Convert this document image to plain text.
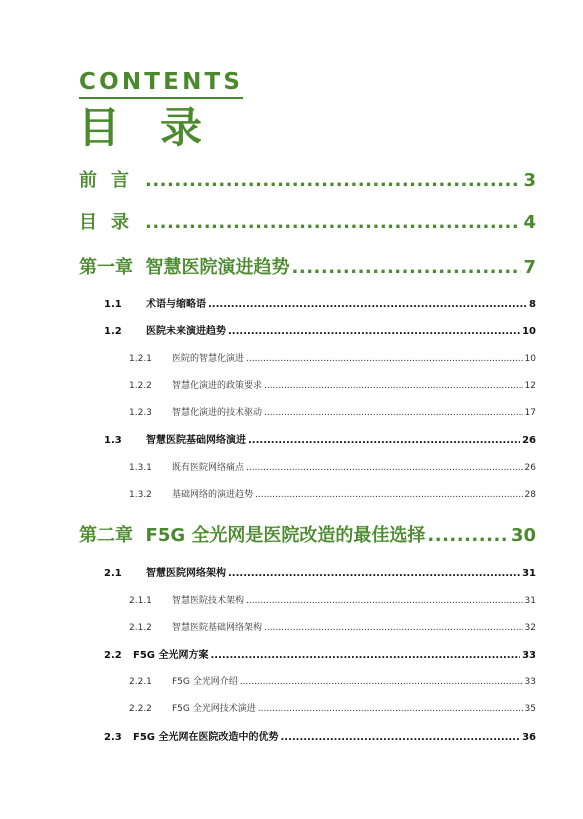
CONTENTS
目录
前言 .....	3
目录 .....	4
第一章  智慧医院演进趋势 .....	7
1.1	术语与缩略语 .....	8
1.2	医院未来演进趋势 .....	10
1.2.1	医院的智慧化演进 .....	10
1.2.2	智慧化演进的政策要求 .....	12
1.2.3	智慧化演进的技术驱动 .....	17
1.3	智慧医院基础网络演进 .....	26
1.3.1	既有医院网络痛点 .....	26
1.3.2	基础网络的演进趋势 .....	28
第二章  F5G 全光网是医院改造的最佳选择 .....	30
2.1	智慧医院网络架构 .....	31
2.1.1	智慧医院技术架构 .....	31
2.1.2	智慧医院基础网络架构 .....	32
2.2	F5G 全光网方案 .....	33
2.2.1	F5G 全光网介绍 .....	33
2.2.2	F5G 全光网技术演进 .....	35
2.3	F5G 全光网在医院改造中的优势 .....	36
